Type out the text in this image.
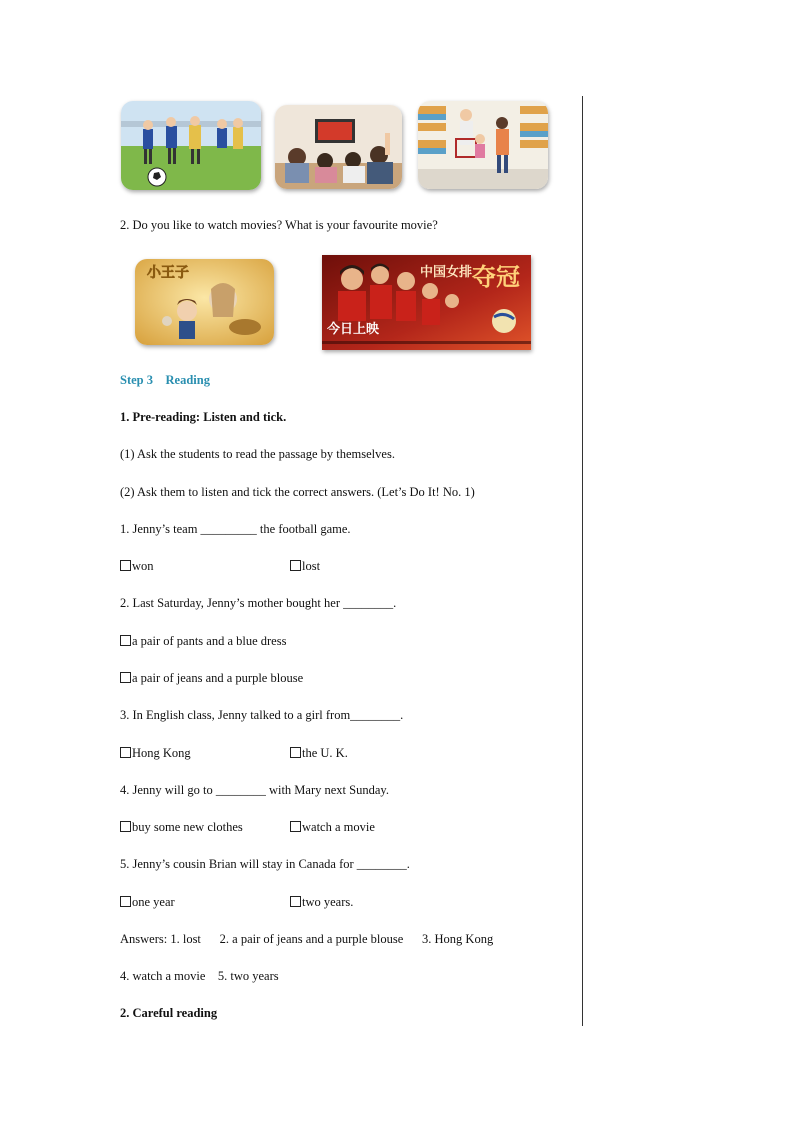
2. Do you like to watch movies? What is your favourite movie?
小王子	中国女排 夺冠
今日上映
Step 3 Reading
1. Pre-reading: Listen and tick.
(1) Ask the students to read the passage by themselves.
(2) Ask them to listen and tick the correct answers. (Let’s Do It! No. 1)
1. Jenny’s team _________ the football game.
won	lost
2. Last Saturday, Jenny’s mother bought her ________.
a pair of pants and a blue dress
a pair of jeans and a purple blouse
3. In English class, Jenny talked to a girl from________.
Hong Kong	the U. K.
4. Jenny will go to ________ with Mary next Sunday.
buy some new clothes	watch a movie
5. Jenny’s cousin Brian will stay in Canada for ________.
one year	two years.
Answers: 1. lost      2. a pair of jeans and a purple blouse      3. Hong Kong
4. watch a movie    5. two years
2. Careful reading
